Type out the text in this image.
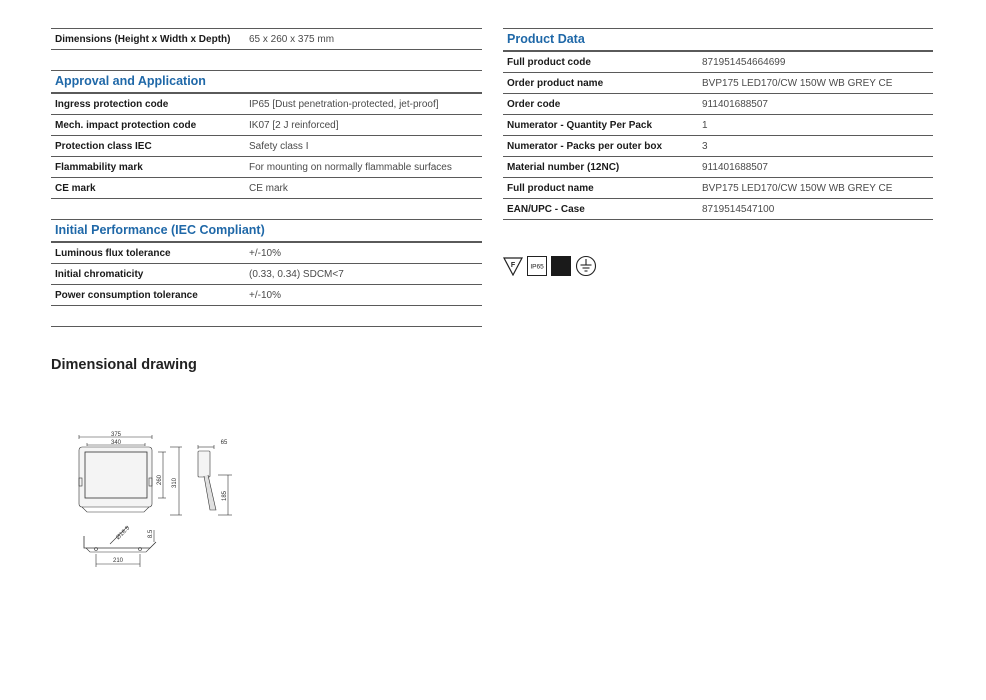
Dimensions (Height x Width x Depth)	65 x 260 x 375 mm
Approval and Application
Ingress protection code	IP65 [Dust penetration-protected, jet-proof]
Mech. impact protection code	IK07 [2 J reinforced]
Protection class IEC	Safety class I
Flammability mark	For mounting on normally flammable surfaces
CE mark	CE mark
Initial Performance (IEC Compliant)
Luminous flux tolerance	+/-10%
Initial chromaticity	(0.33, 0.34) SDCM<7
Power consumption tolerance	+/-10%
Product Data
Full product code	871951454664699
Order product name	BVP175 LED170/CW 150W WB GREY CE
Order code	911401688507
Numerator - Quantity Per Pack	1
Numerator - Packs per outer box	3
Material number (12NC)	911401688507
Full product name	BVP175 LED170/CW 150W WB GREY CE
EAN/UPC - Case	8719514547100
F IP65
Dimensional drawing
375
340
260 310
65
185
Ø16.5
210
8.5
